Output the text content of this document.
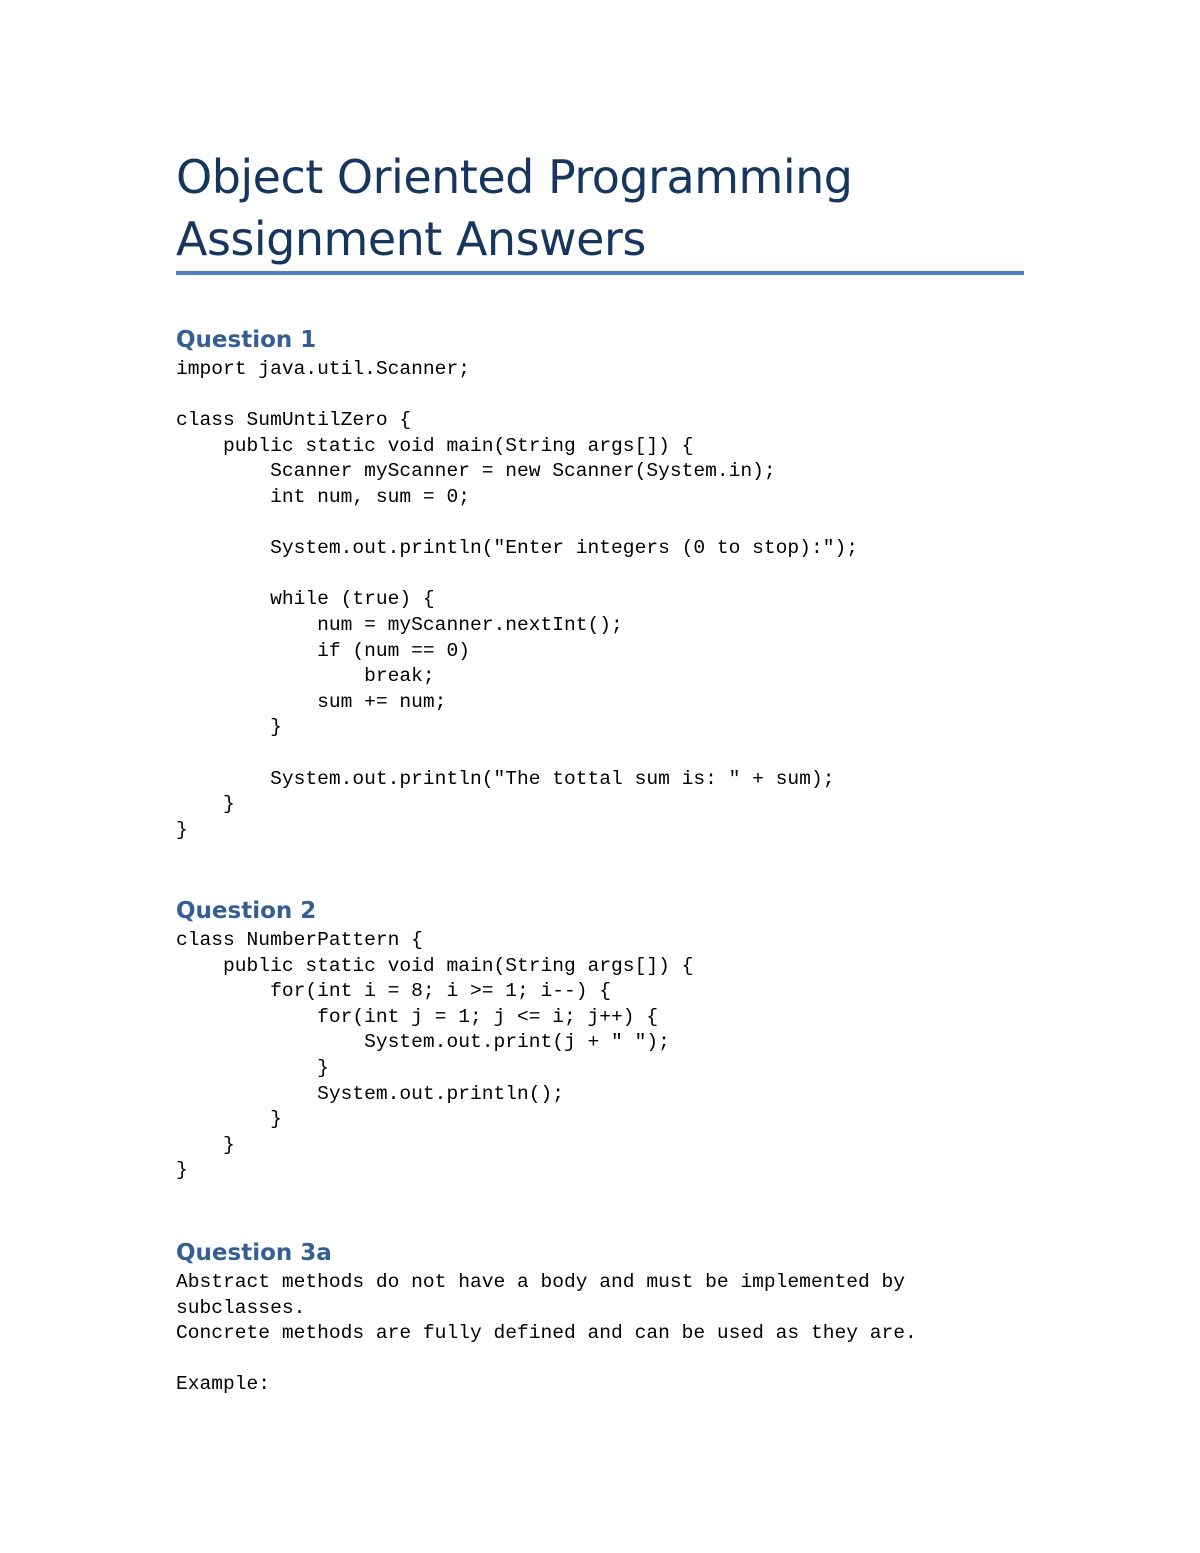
Object Oriented Programming
Assignment Answers
Question 1
import java.util.Scanner;

class SumUntilZero {
public static void main(String args[]) {
Scanner myScanner = new Scanner(System.in);
int num, sum = 0;

System.out.println("Enter integers (0 to stop):");

while (true) {
num = myScanner.nextInt();
if (num == 0)
break;
sum += num;
}

System.out.println("The tottal sum is: " + sum);
}
}
Question 2
class NumberPattern {
public static void main(String args[]) {
for(int i = 8; i >= 1; i--) {
for(int j = 1; j <= i; j++) {
System.out.print(j + " ");
}
System.out.println();
}
}
}
Question 3a
Abstract methods do not have a body and must be implemented by
subclasses.
Concrete methods are fully defined and can be used as they are.

Example:
